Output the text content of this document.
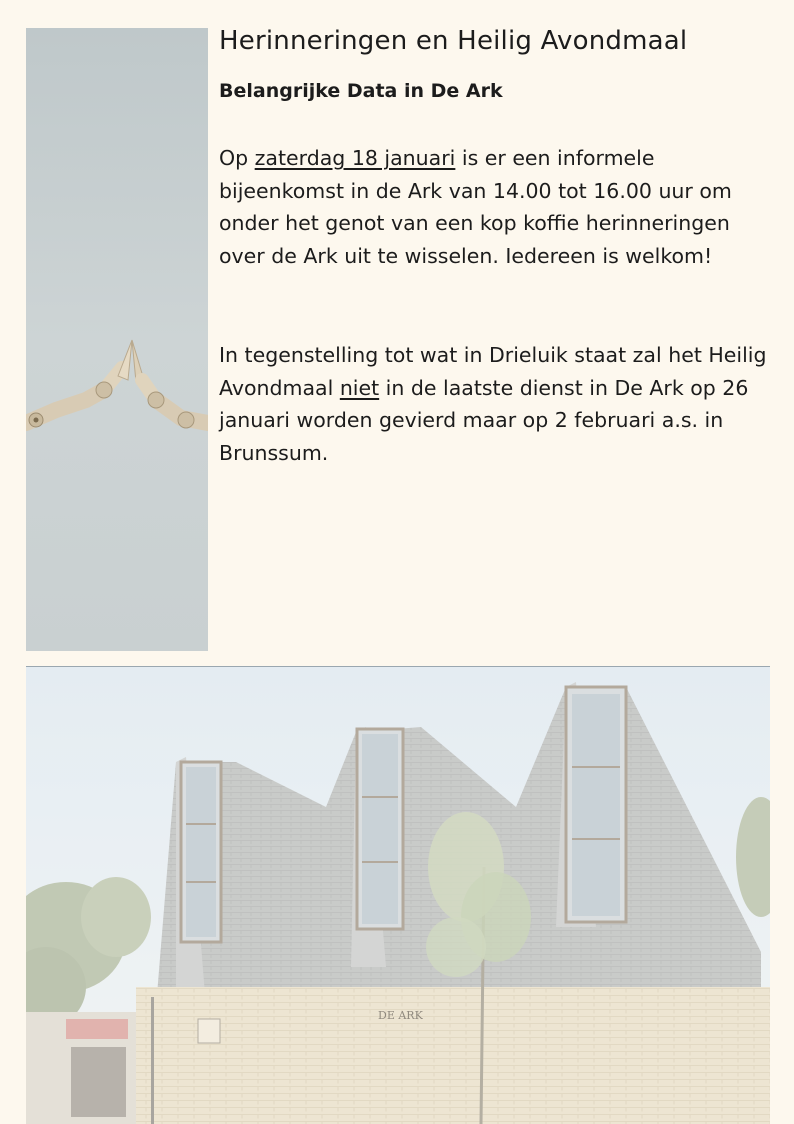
Herinneringen en Heilig Avondmaal
Belangrijke Data in De Ark
Op zaterdag 18 januari is er een informele bijeenkomst in de Ark van 14.00 tot 16.00 uur om onder het genot van een kop koffie herinneringen over de Ark uit te wisselen. Iedereen is welkom!
In tegenstelling tot wat in Drieluik staat zal het Heilig Avondmaal niet in de laatste dienst in De Ark op 26 januari worden gevierd maar op 2 februari a.s. in Brunssum.
DE ARK
